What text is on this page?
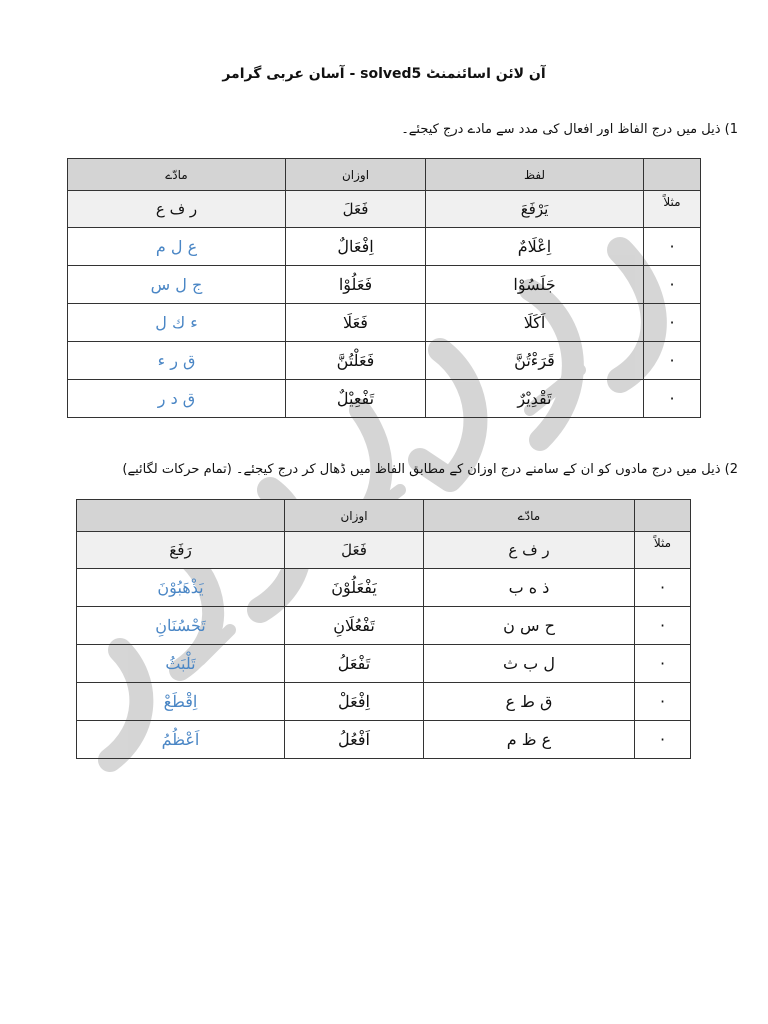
آن لائن اسائنمنٹ solved5 - آسان عربی گرامر
1) ذیل میں درج الفاظ اور افعال کی مدد سے مادے درج کیجئے۔
	لفظ	اوزان	مادّے
مثلاً	یَرْفَعَ	فَعَلَ	ر ف ع
·	اِعْلَامٌ	اِفْعَالٌ	ع ل م
·	جَلَسُوْا	فَعَلُوْا	ج ل س
·	اَكَلَا	فَعَلَا	ء ك ل
·	قَرَءْتُنَّ	فَعَلْتُنَّ	ق ر ء
·	تَقْدِيْرٌ	تَفْعِيْلٌ	ق د ر
2) ذیل میں درج مادوں کو ان کے سامنے درج اوزان کے مطابق الفاظ میں ڈھال کر درج کیجئے۔ (تمام حرکات لگائیے)
	مادّے	اوزان	
مثلاً	ر ف ع	فَعَلَ	رَفَعَ
·	ذ ه ب	يَفْعَلُوْنَ	يَذْهَبُوْنَ
·	ح س ن	تَفْعُلَانِ	تَحْسُنَانِ
·	ل ب ث	تَفْعَلُ	تَلْبَثُ
·	ق ط ع	اِفْعَلْ	اِقْطَعْ
·	ع ظ م	اَفْعُلُ	اَعْظُمُ
